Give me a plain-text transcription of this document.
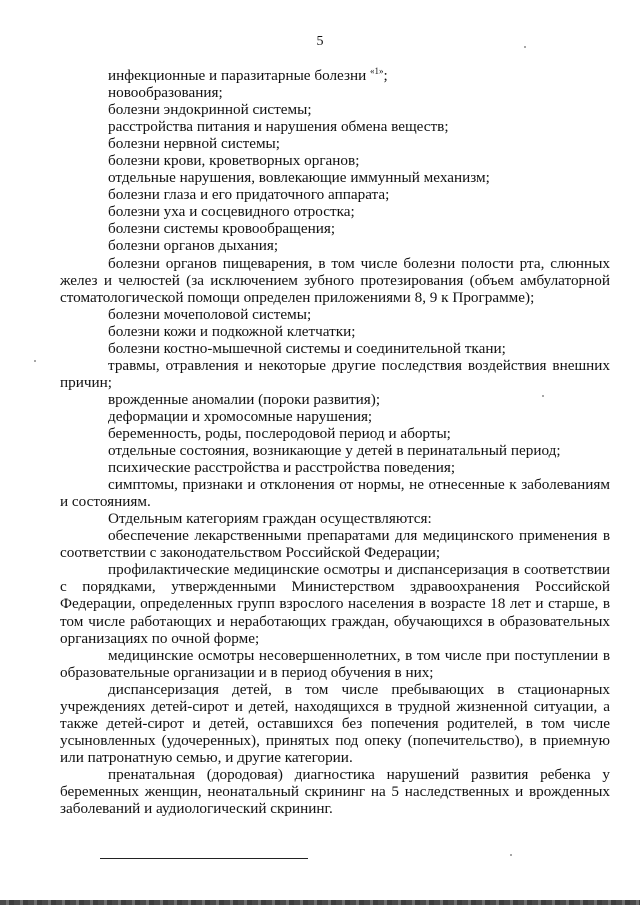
5

инфекционные и паразитарные болезни $^{«1»}$;

новообразования;

болезни эндокринной системы;

расстройства питания и нарушения обмена веществ;

болезни нервной системы;

болезни крови, кроветворных органов;

отдельные нарушения, вовлекающие иммунный механизм;

болезни глаза и его придаточного аппарата;

болезни уха и сосцевидного отростка;

болезни системы кровообращения;

болезни органов дыхания;

болезни органов пищеварения, в том числе болезни полости рта, слюнных желез и челюстей (за исключением зубного протезирования (объем амбулаторной стоматологической помощи определен приложениями 8, 9 к Программе);

болезни мочеполовой системы;

болезни кожи и подкожной клетчатки;

болезни костно-мышечной системы и соединительной ткани;

травмы, отравления и некоторые другие последствия воздействия внешних причин;

врожденные аномалии (пороки развития);

деформации и хромосомные нарушения;

беременность, роды, послеродовой период и аборты;

отдельные состояния, возникающие у детей в перинатальный период;

психические расстройства и расстройства поведения;

симптомы, признаки и отклонения от нормы, не отнесенные к заболеваниям и состояниям.

Отдельным категориям граждан осуществляются:

обеспечение лекарственными препаратами для медицинского применения в соответствии с законодательством Российской Федерации;

профилактические медицинские осмотры и диспансеризация в соответствии с порядками, утвержденными Министерством здравоохранения Российской Федерации, определенных групп взрослого населения в возрасте 18 лет и старше, в том числе работающих и неработающих граждан, обучающихся в образовательных организациях по очной форме;

медицинские осмотры несовершеннолетних, в том числе при поступлении в образовательные организации и в период обучения в них;

диспансеризация детей, в том числе пребывающих в стационарных учреждениях детей-сирот и детей, находящихся в трудной жизненной ситуации, а также детей-сирот и детей, оставшихся без попечения родителей, в том числе усыновленных (удочеренных), принятых под опеку (попечительство), в приемную или патронатную семью, и другие категории.

пренатальная (дородовая) диагностика нарушений развития ребенка у беременных женщин, неонатальный скрининг на 5 наследственных и врожденных заболеваний и аудиологический скрининг.
